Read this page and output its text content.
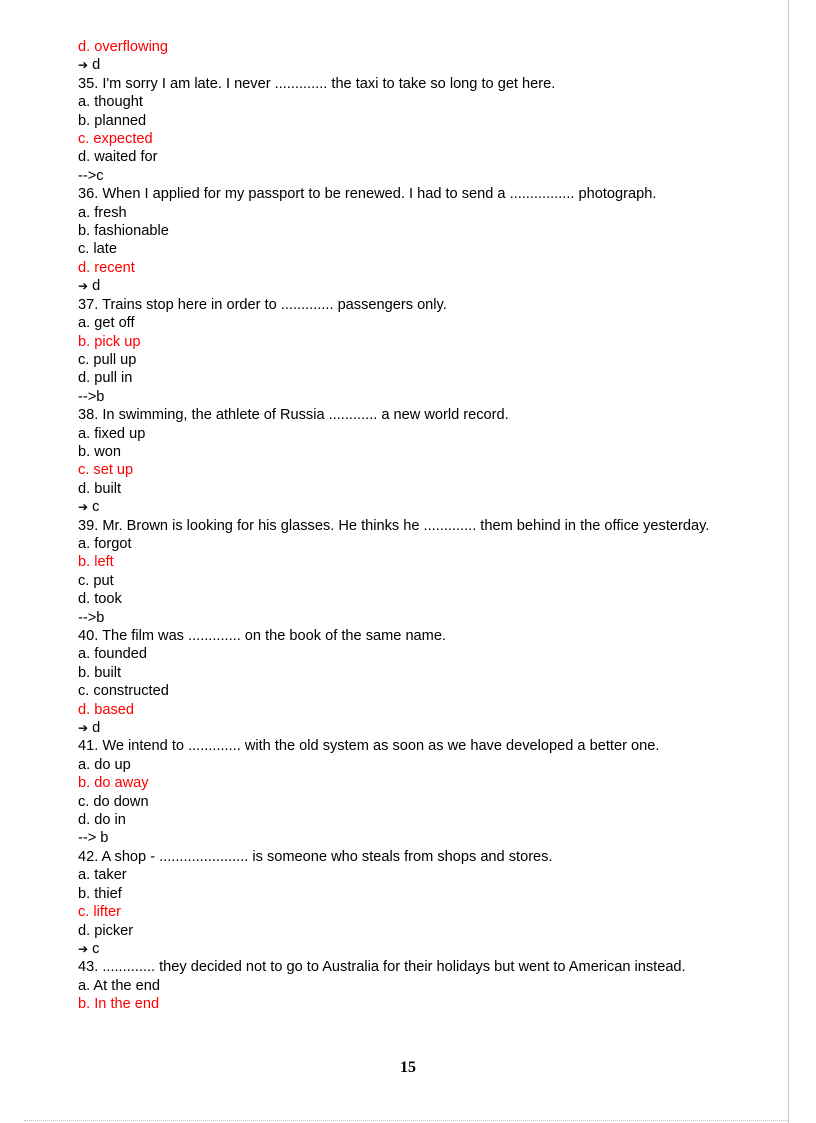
d. overflowing
➔ d
35. I'm sorry I am late. I never ............. the taxi to take so long to get here.
a. thought
b. planned
c. expected
d. waited for
-->c
36. When I applied for my passport to be renewed. I had to send a ................ photograph.
a. fresh
b. fashionable
c. late
d. recent
➔ d
37. Trains stop here in order to ............. passengers only.
a. get off
b. pick up
c. pull up
d. pull in
-->b
38. In swimming, the athlete of Russia ............ a new world record.
a. fixed up
b. won
c. set up
d. built
➔ c
39. Mr. Brown is looking for his glasses. He thinks he ............. them behind in the office yesterday.
a. forgot
b. left
c. put
d. took
-->b
40. The film was ............. on the book of the same name.
a. founded
b. built
c. constructed
d. based
➔ d
41. We intend to ............. with the old system as soon as we have developed a better one.
a. do up
b. do away
c. do down
d. do in
--> b
42. A shop - ...................... is someone who steals from shops and stores.
a. taker
b. thief
c. lifter
d. picker
➔ c
43. ............. they decided not to go to Australia for their holidays but went to American instead.
a. At the end
b. In the end
15
